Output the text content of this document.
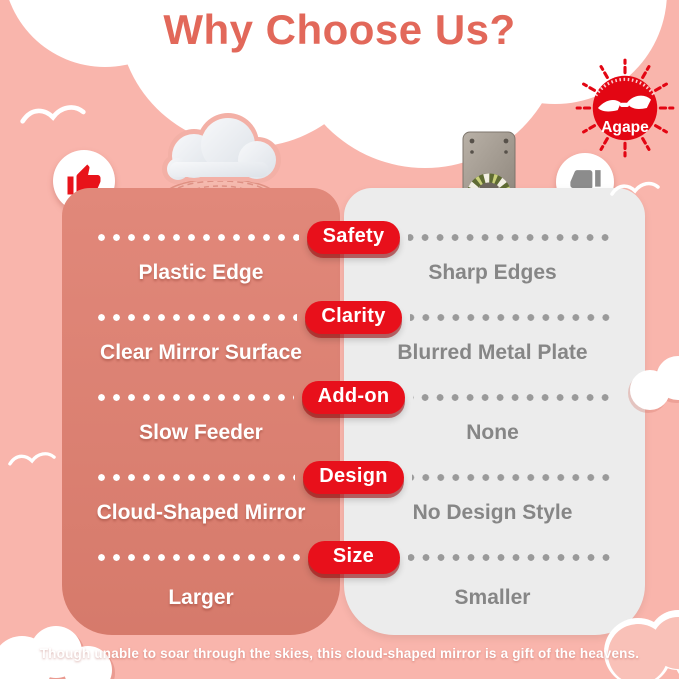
Why Choose Us?
Agape
Safety
Plastic Edge	Sharp Edges
Clarity
Clear Mirror Surface	Blurred Metal Plate
Add-on
Slow Feeder	None
Design
Cloud-Shaped Mirror	No Design Style
Size
Larger	Smaller
Though unable to soar through the skies, this cloud-shaped mirror is a gift of the heavens.
